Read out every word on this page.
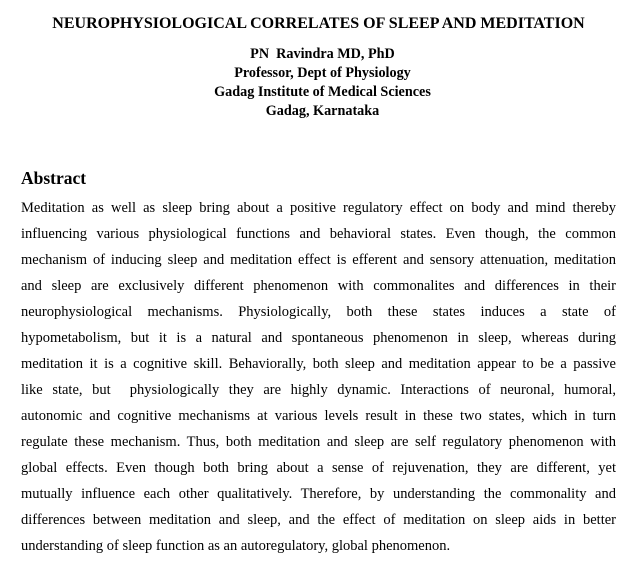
NEUROPHYSIOLOGICAL CORRELATES OF SLEEP AND MEDITATION
PN  Ravindra MD, PhD
Professor, Dept of Physiology
Gadag Institute of Medical Sciences
Gadag, Karnataka
Abstract
Meditation as well as sleep bring about a positive regulatory effect on body and mind thereby
influencing various physiological functions and behavioral states. Even though, the common
mechanism of inducing sleep and meditation effect is efferent and sensory attenuation, meditation
and sleep are exclusively different phenomenon with commonalites and differences in their
neurophysiological mechanisms. Physiologically, both these states induces a state of
hypometabolism, but it is a natural and spontaneous phenomenon in sleep, whereas during
meditation it is a cognitive skill. Behaviorally, both sleep and meditation appear to be a passive
like state, but  physiologically they are highly dynamic. Interactions of neuronal, humoral,
autonomic and cognitive mechanisms at various levels result in these two states, which in turn
regulate these mechanism. Thus, both meditation and sleep are self regulatory phenomenon with
global effects. Even though both bring about a sense of rejuvenation, they are different, yet
mutually influence each other qualitatively. Therefore, by understanding the commonality and
differences between meditation and sleep, and the effect of meditation on sleep aids in better
understanding of sleep function as an autoregulatory, global phenomenon.
